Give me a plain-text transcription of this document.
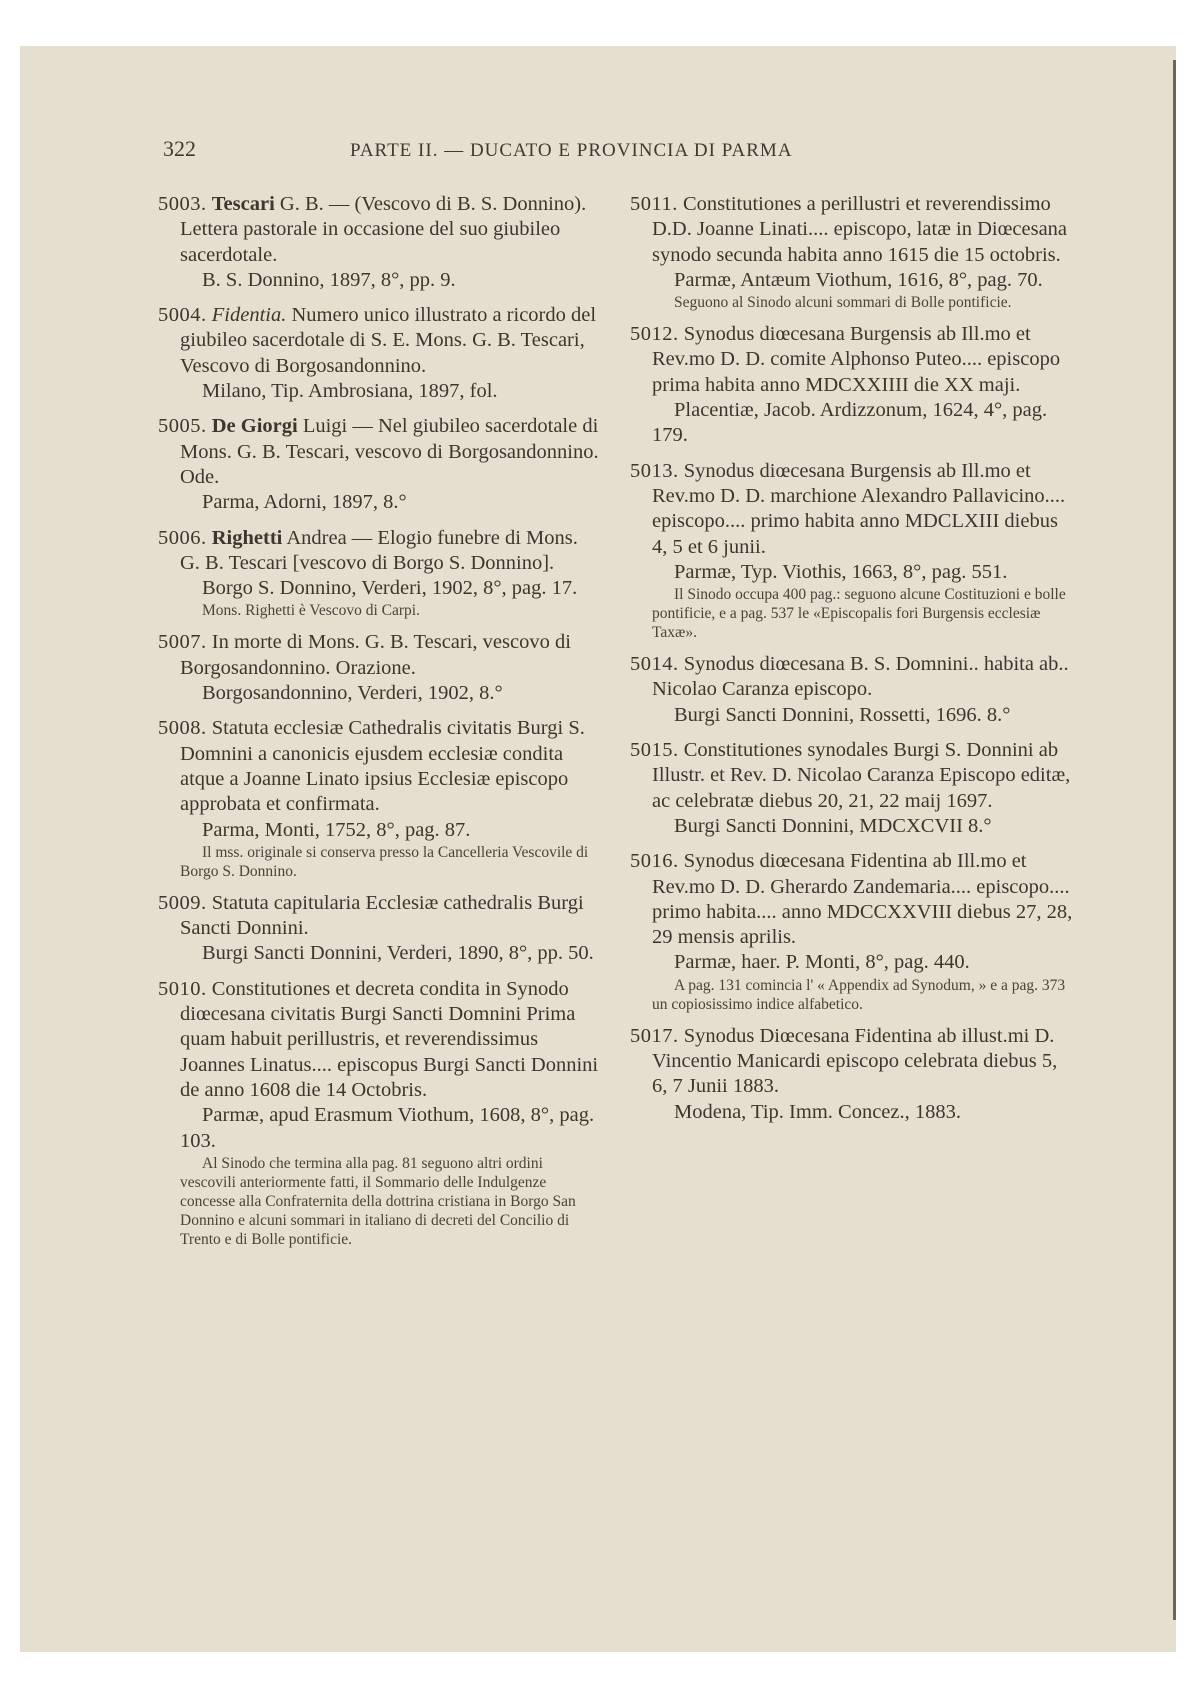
322	PARTE II. — DUCATO E PROVINCIA DI PARMA

5003. Tescari G. B. — (Vescovo di B. S. Donnino). Lettera pastorale in occasione del suo giubileo sacerdotale.

B. S. Donnino, 1897, 8°, pp. 9.

5004. Fidentia. Numero unico illustrato a ricordo del giubileo sacerdotale di S. E. Mons. G. B. Tescari, Vescovo di Borgosandonnino.

Milano, Tip. Ambrosiana, 1897, fol.

5005. De Giorgi Luigi — Nel giubileo sacerdotale di Mons. G. B. Tescari, vescovo di Borgosandonnino. Ode.

Parma, Adorni, 1897, 8.°

5006. Righetti Andrea — Elogio funebre di Mons. G. B. Tescari [vescovo di Borgo S. Donnino].

Borgo S. Donnino, Verderi, 1902, 8°, pag. 17.

Mons. Righetti è Vescovo di Carpi.

5007. In morte di Mons. G. B. Tescari, vescovo di Borgosandonnino. Orazione.

Borgosandonnino, Verderi, 1902, 8.°

5008. Statuta ecclesiæ Cathedralis civitatis Burgi S. Domnini a canonicis ejusdem ecclesiæ condita atque a Joanne Linato ipsius Ecclesiæ episcopo approbata et confirmata.

Parma, Monti, 1752, 8°, pag. 87.

Il mss. originale si conserva presso la Cancelleria Vescovile di Borgo S. Donnino.

5009. Statuta capitularia Ecclesiæ cathedralis Burgi Sancti Donnini.

Burgi Sancti Donnini, Verderi, 1890, 8°, pp. 50.

5010. Constitutiones et decreta condita in Synodo diœcesana civitatis Burgi Sancti Domnini Prima quam habuit perillustris, et reverendissimus Joannes Linatus.... episcopus Burgi Sancti Donnini de anno 1608 die 14 Octobris.

Parmæ, apud Erasmum Viothum, 1608, 8°, pag. 103.

Al Sinodo che termina alla pag. 81 seguono altri ordini vescovili anteriormente fatti, il Sommario delle Indulgenze concesse alla Confraternita della dottrina cristiana in Borgo San Donnino e alcuni sommari in italiano di decreti del Concilio di Trento e di Bolle pontificie.

5011. Constitutiones a perillustri et reverendissimo D.D. Joanne Linati.... episcopo, latæ in Diœcesana synodo secunda habita anno 1615 die 15 octobris.

Parmæ, Antæum Viothum, 1616, 8°, pag. 70.

Seguono al Sinodo alcuni sommari di Bolle pontificie.

5012. Synodus diœcesana Burgensis ab Ill.mo et Rev.mo D. D. comite Alphonso Puteo.... episcopo prima habita anno MDCXXIIII die XX maji.

Placentiæ, Jacob. Ardizzonum, 1624, 4°, pag. 179.

5013. Synodus diœcesana Burgensis ab Ill.mo et Rev.mo D. D. marchione Alexandro Pallavicino.... episcopo.... primo habita anno MDCLXIII diebus 4, 5 et 6 junii.

Parmæ, Typ. Viothis, 1663, 8°, pag. 551.

Il Sinodo occupa 400 pag.: seguono alcune Costituzioni e bolle pontificie, e a pag. 537 le «Episcopalis fori Burgensis ecclesiæ Taxæ».

5014. Synodus diœcesana B. S. Domnini.. habita ab.. Nicolao Caranza episcopo.

Burgi Sancti Donnini, Rossetti, 1696. 8.°

5015. Constitutiones synodales Burgi S. Donnini ab Illustr. et Rev. D. Nicolao Caranza Episcopo editæ, ac celebratæ diebus 20, 21, 22 maij 1697.

Burgi Sancti Donnini, MDCXCVII 8.°

5016. Synodus diœcesana Fidentina ab Ill.mo et Rev.mo D. D. Gherardo Zandemaria.... episcopo.... primo habita.... anno MDCCXXVIII diebus 27, 28, 29 mensis aprilis.

Parmæ, haer. P. Monti, 8°, pag. 440.

A pag. 131 comincia l' « Appendix ad Synodum, » e a pag. 373 un copiosissimo indice alfabetico.

5017. Synodus Diœcesana Fidentina ab illust.mi D. Vincentio Manicardi episcopo celebrata diebus 5, 6, 7 Junii 1883.

Modena, Tip. Imm. Concez., 1883.
